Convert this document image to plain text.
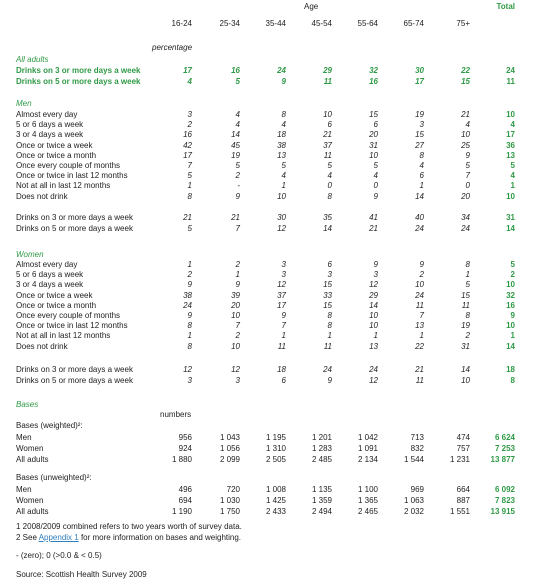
Age	Total
16-24	25-34	35-44	45-54	55-64	65-74	75+
percentage
All adults
Drinks on 3 or more days a week	17	16	24	29	32	30	22	24
Drinks on 5 or more days a week	4	5	9	11	16	17	15	11
Men
Almost every day	3	4	8	10	15	19	21	10
5 or 6 days a week	2	4	4	6	6	3	4	4
3 or 4 days a week	16	14	18	21	20	15	10	17
Once or twice a week	42	45	38	37	31	27	25	36
Once or twice a month	17	19	13	11	10	8	9	13
Once every couple of months	7	5	5	5	5	4	5	5
Once or twice in last 12 months	5	2	4	4	4	6	7	4
Not at all in last 12 months	1	-	1	0	0	1	0	1
Does not drink	8	9	10	8	9	14	20	10
Drinks on 3 or more days a week	21	21	30	35	41	40	34	31
Drinks on 5 or more days a week	5	7	12	14	21	24	24	14
Women
Almost every day	1	2	3	6	9	9	8	5
5 or 6 days a week	2	1	3	3	3	2	1	2
3 or 4 days a week	9	9	12	15	12	10	5	10
Once or twice a week	38	39	37	33	29	24	15	32
Once or twice a month	24	20	17	15	14	11	11	16
Once every couple of months	9	10	9	8	10	7	8	9
Once or twice in last 12 months	8	7	7	8	10	13	19	10
Not at all in last 12 months	1	2	1	1	1	1	2	1
Does not drink	8	10	11	11	13	22	31	14
Drinks on 3 or more days a week	12	12	18	24	24	21	14	18
Drinks on 5 or more days a week	3	3	6	9	12	11	10	8
Bases
numbers
Bases (weighted)²:
Men	956	1 043	1 195	1 201	1 042	713	474	6 624
Women	924	1 056	1 310	1 283	1 091	832	757	7 253
All adults	1 880	2 099	2 505	2 485	2 134	1 544	1 231	13 877
Bases (unweighted)²:
Men	496	720	1 008	1 135	1 100	969	664	6 092
Women	694	1 030	1 425	1 359	1 365	1 063	887	7 823
All adults	1 190	1 750	2 433	2 494	2 465	2 032	1 551	13 915
1 2008/2009 combined refers to two years worth of survey data.
2 See Appendix 1 for more information on bases and weighting.
- (zero); 0 (>0.0 & < 0.5)
Source: Scottish Health Survey 2009
